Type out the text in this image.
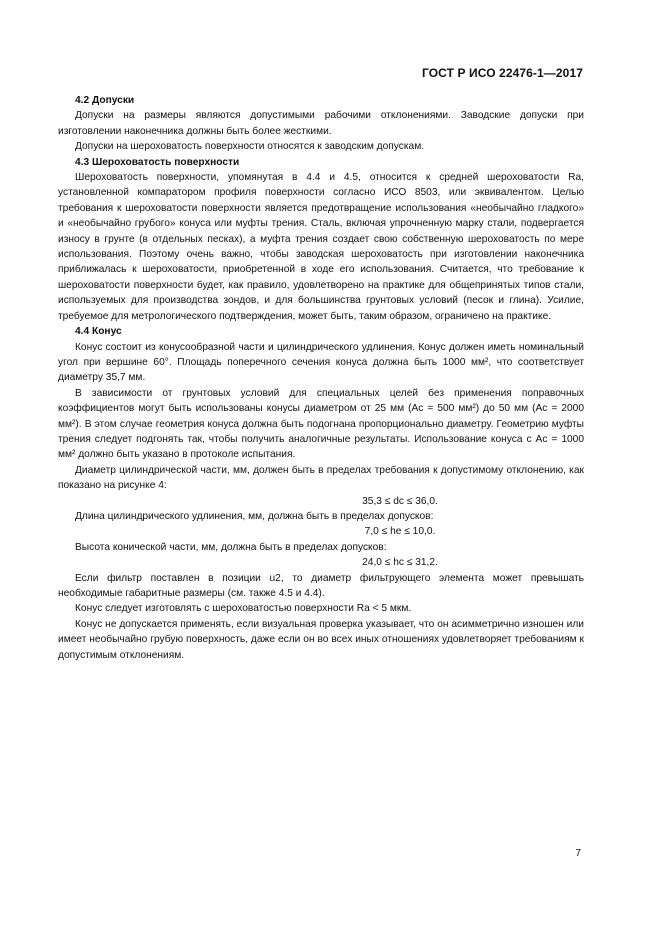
ГОСТ Р ИСО 22476-1—2017

4.2 Допуски

Допуски на размеры являются допустимыми рабочими отклонениями. Заводские допуски при изготовлении наконечника должны быть более жесткими.

Допуски на шероховатость поверхности относятся к заводским допускам.

4.3 Шероховатость поверхности

Шероховатость поверхности, упомянутая в 4.4 и 4.5, относится к средней шероховатости Ra, установленной компаратором профиля поверхности согласно ИСО 8503, или эквивалентом. Целью требования к шероховатости поверхности является предотвращение использования «необычайно гладкого» и «необычайно грубого» конуса или муфты трения. Сталь, включая упрочненную марку стали, подвергается износу в грунте (в отдельных песках), а муфта трения создает свою собственную шероховатость по мере использования. Поэтому очень важно, чтобы заводская шероховатость при изготовлении наконечника приближалась к шероховатости, приобретенной в ходе его использования. Считается, что требование к шероховатости поверхности будет, как правило, удовлетворено на практике для общепринятых типов стали, используемых для производства зондов, и для большинства грунтовых условий (песок и глина). Усилие, требуемое для метрологического подтверждения, может быть, таким образом, ограничено на практике.

4.4 Конус

Конус состоит из конусообразной части и цилиндрического удлинения. Конус должен иметь номинальный угол при вершине 60°. Площадь поперечного сечения конуса должна быть 1000 мм², что соответствует диаметру 35,7 мм.

В зависимости от грунтовых условий для специальных целей без применения поправочных коэффициентов могут быть использованы конусы диаметром от 25 мм (Ac = 500 мм²) до 50 мм (Ac = 2000 мм²). В этом случае геометрия конуса должна быть подогнана пропорционально диаметру. Геометрию муфты трения следует подгонять так, чтобы получить аналогичные результаты. Использование конуса с Ac = 1000 мм² должно быть указано в протоколе испытания.

Диаметр цилиндрической части, мм, должен быть в пределах требования к допустимому отклонению, как показано на рисунке 4:

35,3 ≤ dc ≤ 36,0.

Длина цилиндрического удлинения, мм, должна быть в пределах допусков:

7,0 ≤ he ≤ 10,0.

Высота конической части, мм, должна быть в пределах допусков:

24,0 ≤ hc ≤ 31,2.

Если фильтр поставлен в позиции u2, то диаметр фильтрующего элемента может превышать необходимые габаритные размеры (см. также 4.5 и 4.4).

Конус следует изготовлять с шероховатостью поверхности Ra < 5 мкм.

Конус не допускается применять, если визуальная проверка указывает, что он асимметрично изношен или имеет необычайно грубую поверхность, даже если он во всех иных отношениях удовлетворяет требованиям к допустимым отклонениям.

7
